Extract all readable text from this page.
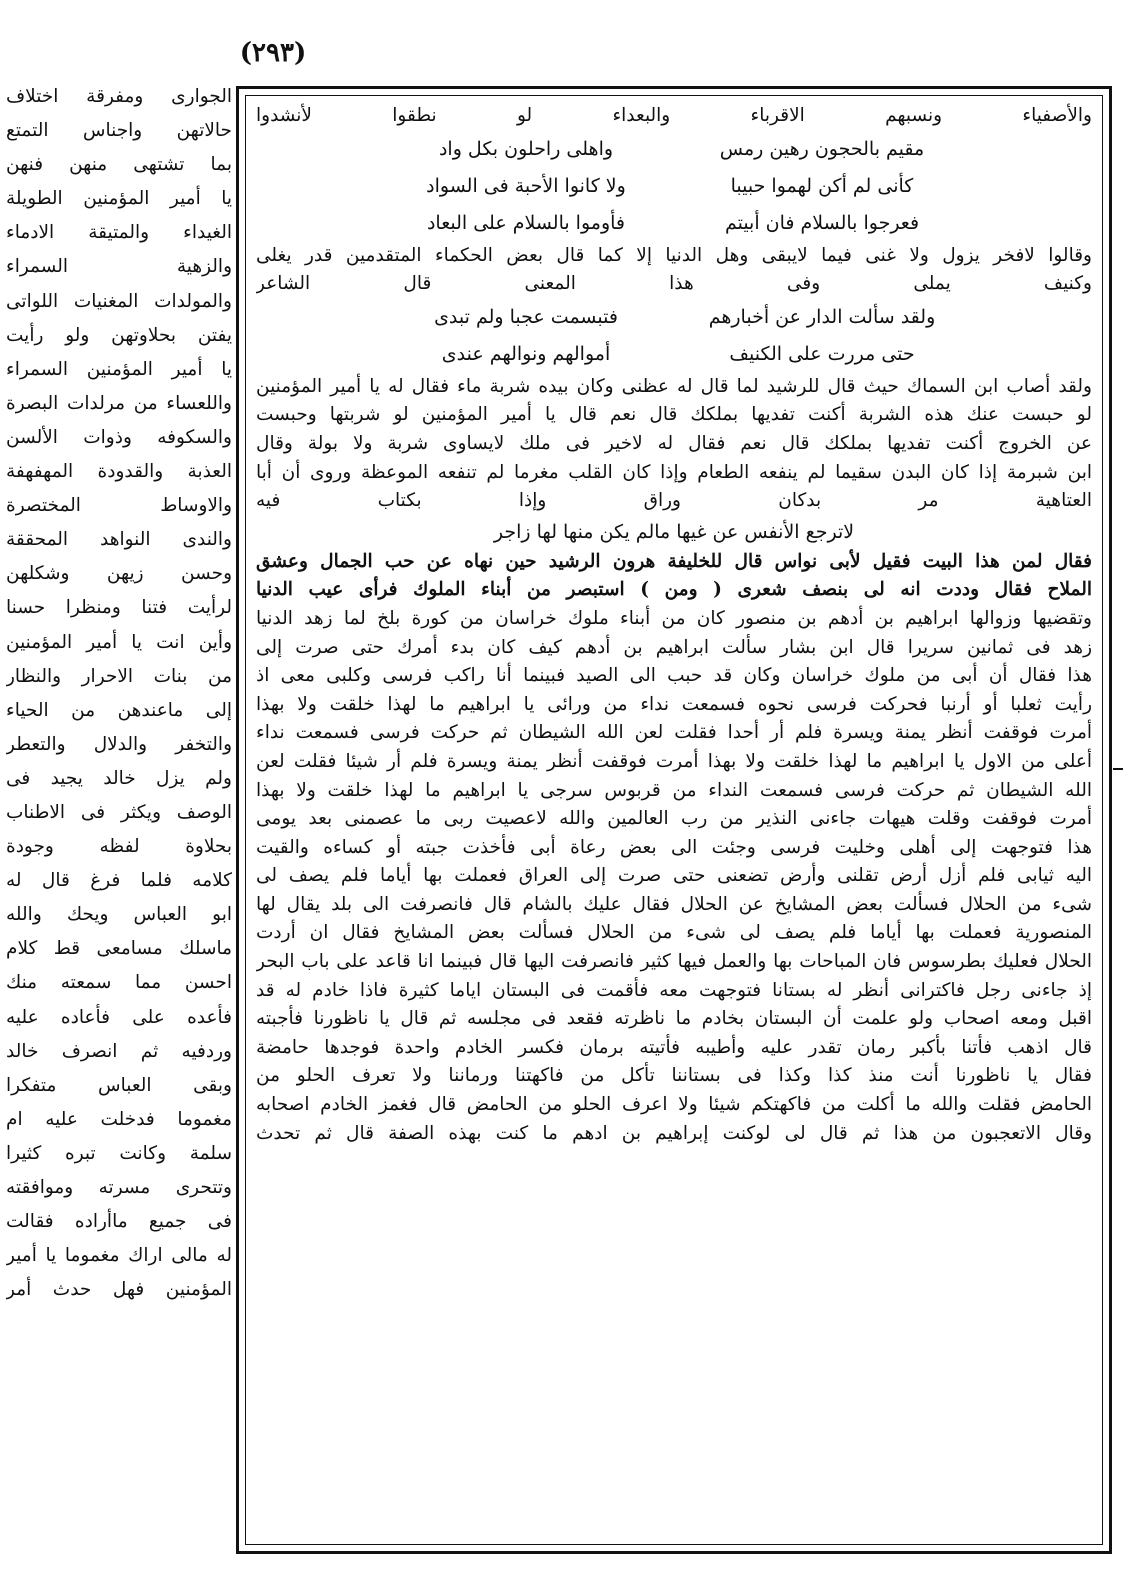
(٢٩٣)
الجوارى ومفرقة اختلاف
حالاتهن واجناس التمتع
بما تشتهى منهن فنهن
يا أمير المؤمنين الطويلة
الغيداء والمتيقة الادماء
والزهية السمراء
والمولدات المغنيات اللواتى
يفتن بحلاوتهن ولو رأيت
يا أمير المؤمنين السمراء
واللعساء من مرلدات البصرة
والسكوفه وذوات الألسن
العذبة والقدودة المهفهفة
والاوساط المختصرة
والندى النواهد المحققة
وحسن زيهن وشكلهن
لرأيت فتنا ومنظرا حسنا
وأين انت يا أمير المؤمنين
من بنات الاحرار والنظار
إلى ماعندهن من الحياء
والتخفر والدلال والتعطر
ولم يزل خالد يجيد فى
الوصف ويكثر فى الاطناب
بحلاوة لفظه وجودة
كلامه فلما فرغ قال له
ابو العباس ويحك والله
ماسلك مسامعى قط كلام
احسن مما سمعته منك
فأعده على فأعاده عليه
وردفيه ثم انصرف خالد
وبقى العباس متفكرا
مغموما فدخلت عليه ام
سلمة وكانت تبره كثيرا
وتتحرى مسرته وموافقته
فى جميع ماأراده فقالت
له مالى اراك مغموما يا أمير
المؤمنين فهل حدث أمر
والأصفياء ونسبهم الاقرباء والبعداء لو نطقوا لأنشدوا
مقيم بالحجون رهين رمس
واهلى راحلون بكل واد
كأنى لم أكن لهموا حبيبا
ولا كانوا الأحبة فى السواد
فعرجوا بالسلام فان أبيتم
فأوموا بالسلام على البعاد
وقالوا لافخر يزول ولا غنى فيما لايبقى وهل الدنيا إلا كما قال بعض الحكماء المتقدمين قدر يغلى
وكنيف يملى وفى هذا المعنى قال الشاعر
ولقد سألت الدار عن أخبارهم
فتبسمت عجبا ولم تبدى
حتى مررت على الكنيف
أموالهم ونوالهم عندى
ولقد أصاب ابن السماك حيث قال للرشيد لما قال له عظنى وكان بيده شربة ماء فقال له يا أمير المؤمنين
لو حبست عنك هذه الشربة أكنت تفديها بملكك قال نعم قال يا أمير المؤمنين لو شربتها وحبست
عن الخروج أكنت تفديها بملكك قال نعم فقال له لاخير فى ملك لايساوى شربة ولا بولة وقال
ابن شبرمة إذا كان البدن سقيما لم ينفعه الطعام وإذا كان القلب مغرما لم تنفعه الموعظة وروى أن أبا
العتاهية مر بدكان وراق وإذا بكتاب فيه
لاترجع الأنفس عن غيها مالم يكن منها لها زاجر
فقال لمن هذا البيت فقيل لأبى نواس قال للخليفة هرون الرشيد حين نهاه عن حب الجمال وعشق
الملاح فقال وددت انه لى بنصف شعرى ( ومن ) استبصر من أبناء الملوك فرأى عيب الدنيا
وتقضيها وزوالها ابراهيم بن أدهم بن منصور كان من أبناء ملوك خراسان من كورة بلخ لما زهد الدنيا
زهد فى ثمانين سريرا قال ابن بشار سألت ابراهيم بن أدهم كيف كان بدء أمرك حتى صرت إلى
هذا فقال أن أبى من ملوك خراسان وكان قد حبب الى الصيد فبينما أنا راكب فرسى وكلبى معى اذ
رأيت ثعلبا أو أرنبا فحركت فرسى نحوه فسمعت نداء من ورائى يا ابراهيم ما لهذا خلقت ولا بهذا
أمرت فوقفت أنظر يمنة ويسرة فلم أر أحدا فقلت لعن الله الشيطان ثم حركت فرسى فسمعت نداء
أعلى من الاول يا ابراهيم ما لهذا خلقت ولا بهذا أمرت فوقفت أنظر يمنة ويسرة فلم أر شيئا فقلت لعن
الله الشيطان ثم حركت فرسى فسمعت النداء من قربوس سرجى يا ابراهيم ما لهذا خلقت ولا بهذا
أمرت فوقفت وقلت هيهات جاءنى النذير من رب العالمين والله لاعصيت ربى ما عصمنى بعد يومى
هذا فتوجهت إلى أهلى وخليت فرسى وجئت الى بعض رعاة أبى فأخذت جبته أو كساءه والقيت
اليه ثيابى فلم أزل أرض تقلنى وأرض تضعنى حتى صرت إلى العراق فعملت بها أياما فلم يصف لى
شىء من الحلال فسألت بعض المشايخ عن الحلال فقال عليك بالشام قال فانصرفت الى بلد يقال لها
المنصورية فعملت بها أياما فلم يصف لى شىء من الحلال فسألت بعض المشايخ فقال ان أردت
الحلال فعليك بطرسوس فان المباحات بها والعمل فيها كثير فانصرفت اليها قال فبينما انا قاعد على باب البحر
إذ جاءنى رجل فاكترانى أنظر له بستانا فتوجهت معه فأقمت فى البستان اياما كثيرة فاذا خادم له قد
اقبل ومعه اصحاب ولو علمت أن البستان بخادم ما ناظرته فقعد فى مجلسه ثم قال يا ناظورنا فأجبته
قال اذهب فأتنا بأكبر رمان تقدر عليه وأطيبه فأتيته برمان فكسر الخادم واحدة فوجدها حامضة
فقال يا ناظورنا أنت منذ كذا وكذا فى بستاننا تأكل من فاكهتنا ورماننا ولا تعرف الحلو من
الحامض فقلت والله ما أكلت من فاكهتكم شيئا ولا اعرف الحلو من الحامض قال فغمز الخادم اصحابه
وقال الاتعجبون من هذا ثم قال لى لوكنت إبراهيم بن ادهم ما كنت بهذه الصفة قال ثم تحدث
